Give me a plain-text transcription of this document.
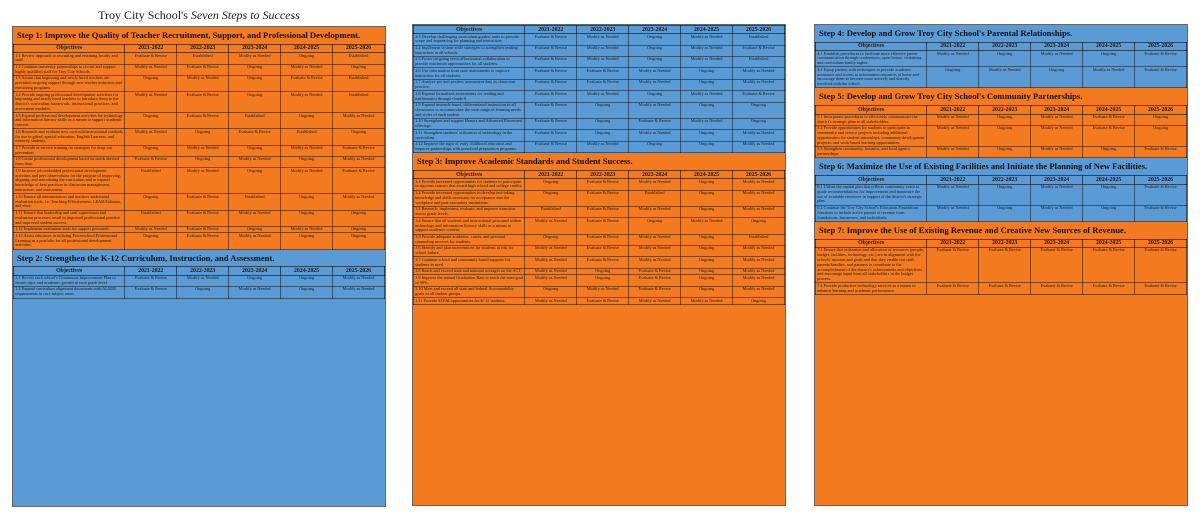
Troy City School's Seven Steps to Success
Step 1: Improve the Quality of Teacher Recruitment, Support, and Professional Development.
Objectives	2021-2022	2022-2023	2023-2024	2024-2025	2025-2026
1.1 Review approach to recruiting and retaining faculty and staff.	Evaluate & Revise	Established	Modify as Needed	Ongoing	Established
1.2 Continue university partnerships to recruit and support highly qualified staff for Troy City Schools.	Modify as Needed	Evaluate & Revise	Ongoing	Modify as Needed	Ongoing
1.3 Assure that beginning and newly hired teachers are provided on-going support through new teacher induction and mentoring programs.	Ongoing	Modify as Needed	Ongoing	Evaluate & Revise	Established
1.4 Provide ongoing professional development activities for beginning and newly hired teachers to introduce them to the district's curriculum framework, instructional practices, and assessment modules.	Modify as Needed	Evaluate & Revise	Ongoing	Modify as Needed	Established
1.5 Expand professional development activities for technology and information literacy skills as a means to support academic content.	Ongoing	Evaluate & Revise	Established	Ongoing	Modify as Needed
1.6 Research and evaluate new curricula/instructional methods for use in gifted, special education, English Learners, and minority students.	Modify as Needed	Ongoing	Evaluate & Revise	Established	Ongoing
1.7 Provide in-service training on strategies for drop-out prevention.	Ongoing	Modify as Needed	Ongoing	Modify as Needed	Evaluate & Revise
1.8 Create professional development based on needs derived from data.	Evaluate & Revise	Ongoing	Modify as Needed	Ongoing	Modify as Needed
1.9 Increase job embedded professional development activities and peer observations for the purpose of improving, aligning, and articulating the curriculum and to expand knowledge of best practices in classroom management, instruction, and assessment.	Established	Modify as Needed	Ongoing	Modify as Needed	Evaluate & Revise
1.10 Ensure all administrators and teachers understand evaluation tools, i.e. Teaching Effectiveness, LEADAlabama, and elect.	Ongoing	Evaluate & Revise	Established	Ongoing	Modify as Needed
1.11 Ensure that leadership and staff supervision and evaluation processes result in improved professional practice and improved student success.	Established	Evaluate & Revise	Modify as Needed	Ongoing	Ongoing
1.12 Implement evaluation tools for support personnel.	Modify as Needed	Evaluate & Revise	Ongoing	Modify as Needed	Ongoing
1.13 Assist educators in utilizing Powerschool Professional Learning as a portfolio for all professional development activities.	Ongoing	Evaluate & Revise	Modify as Needed	Ongoing	Ongoing
Step 2: Strengthen the K-12 Curriculum, Instruction, and Assessment.
Objectives	2021-2022	2022-2023	2023-2024	2024-2025	2025-2026
2.1 Revisit each school's Continuous Improvement Plan to ensure rigor and academic growth at each grade level.	Evaluate & Revise	Modify as Needed	Ongoing	Ongoing	Modify as Needed
2.2 Expand curriculum alignment documents with ALSDE requirements in core subject areas.	Evaluate & Revise	Ongoing	Modify as Needed	Ongoing	Modify as Needed
Objectives	2021-2022	2022-2023	2023-2024	2024-2025	2025-2026
2.3 Develop challenging curriculum guides/ units to provide scope and sequencing for planning and instruction.	Evaluate & Revise	Modify as Needed	Ongoing	Modify as Needed	Established
2.4 Implement system-wide strategies to strengthen reading instruction in all schools.	Evaluate & Revise	Modify as Needed	Ongoing	Modify as Needed	Evaluate & Revise
2.5 Foster on-going vertical/horizontal collaboration to provide maximum opportunities for all students.	Evaluate & Revise	Modify as Needed	Ongoing	Modify as Needed	Established
2.6 Use information from state assessments to improve instruction for all students.	Evaluate & Revise	Evaluate & Revise	Modify as Needed	Ongoing	Modify as Needed
2.7 Analyze pre and posttest assessment data as classroom practice.	Evaluate & Revise	Evaluate & Revise	Modify as Needed	Ongoing	Modify as Needed
2.8 Expand formalized assessments for reading and mathematics through Grade 8.	Evaluate & Revise	Modify as Needed	Ongoing	Modify as Needed	Evaluate & Revise
2.9 Expand research-based, differentiated instruction in all classrooms to accommodate the wide range of learning needs and styles of each student.	Evaluate & Revise	Ongoing	Modify as Needed	Ongoing	Ongoing
2.10 Strengthen and support Honors and Advanced Placement offerings.	Evaluate & Revise	Ongoing	Evaluate & Revise	Modify as Needed	Ongoing
2.11 Strengthen students' utilization of technology in the curriculum.	Evaluate & Revise	Ongoing	Modify as Needed	Ongoing	Modify as Needed
2.12 Improve the rigor of early childhood education and improve partnerships with preschool preparation programs.	Evaluate & Revise	Modify as Needed	Ongoing	Ongoing	Modify as Needed
Step 3: Improve Academic Standards and Student Success.
Objectives	2021-2022	2022-2023	2023-2024	2024-2025	2025-2026
3.1 Provide increased opportunities for students to participate in rigorous courses that award high school and college credits.	Ongoing	Evaluate & Revise	Modify as Needed	Ongoing	Modify as Needed
3.2 Provide increased opportunities to develop test-taking knowledge and skills necessary for acceptance into the workplace and post-secondary institutions.	Ongoing	Evaluate & Revise	Established	Ongoing	Modify as Needed
3.3 Research, implement, evaluate, and improve transition across grade levels.	Established	Evaluate & Revise	Modify as Needed	Ongoing	Modify as Needed
3.4 Ensure that all students and instructional personnel utilize technology and information literacy skills as a means to support academic content.	Modify as Needed	Evaluate & Revise	Ongoing	Modify as Needed	Ongoing
3.5 Provide adequate academic, career, and personal counseling services for students.	Ongoing	Evaluate & Revise	Modify as Needed	Ongoing	Established
3.6 Identify and plan interventions for students at risk for school failure.	Modify as Needed	Evaluate & Revise	Modify as Needed	Ongoing	Modify as Needed
3.7 Continue school and community based supports for students in need.	Modify as Needed	Evaluate & Revise	Modify as Needed	Ongoing	Modify as Needed
3.8 Reach and exceed state and national averages on the ACT.	Modify as Needed	Ongoing	Evaluate & Revise	Ongoing	Modify as Needed
3.9 Improve the annual Graduation Rate to reach the state goal of 90%.	Modify as Needed	Ongoing	Evaluate & Revise	Ongoing	Modify as Needed
3.10 Meet and exceed all state and federal Accountability goals in all student groups.	Ongoing	Modify as Needed	Evaluate & Revise	Ongoing	Modify as Needed
3.11 Provide STEM opportunities for K-12 students.	Modify as Needed	Evaluate & Revise	Modify as Needed	Modify as Needed	Ongoing
Step 4: Develop and Grow Troy City School's Parental Relationships.
Objectives	2021-2022	2022-2023	2023-2024	2024-2025	2025-2026
4.1 Establish procedures to facilitate more effective parent communication through conferences, open house, visitations, and curriculum/family nights.	Modify as Needed	Ongoing	Modify as Needed	Ongoing	Evaluate & Revise
4.2 Equip parents with techniques to provide academic assistance and access to information resources at home and encourage them to become more actively and directly involved with the school.	Ongoing	Modify as Needed	Ongoing	Modify as Needed	Evaluate & Revise
Step 5: Develop and Grow Troy City School's Community Partnerships.
Objectives	2021-2022	2022-2023	2023-2024	2024-2025	2025-2026
5.1 Incorporate procedures to effectively communicate the district's strategic plan to all stakeholders.	Modify as Needed	Ongoing	Modify as Needed	Evaluate & Revise	Ongoing
5.2 Provide opportunities for students to participate in community and service projects including additional opportunities for student internships, community development projects, and work-based learning opportunities.	Modify as Needed	Ongoing	Modify as Needed	Evaluate & Revise	Ongoing
5.3 Strengthen community, business, and local agency partnerships.	Modify as Needed	Ongoing	Modify as Needed	Ongoing	Evaluate & Revise
Step 6: Maximize the Use of Existing Facilities and Initiate the Planning of New Facilities.
Objectives	2021-2022	2022-2023	2023-2024	2024-2025	2025-2026
6.1 Utilize the capital plan that reflects community voice to guide recommendations for improvement and maximize the use of available resources in support of the district's strategic plan.	Modify as Needed	Ongoing	Modify as Needed	Ongoing	Evaluate & Revise
6.2 Continue the Troy City School's Education Foundation functions to include active pursuit of revenue from foundations, businesses, and individuals.	Modify as Needed	Ongoing	Modify as Needed	Ongoing	Evaluate & Revise
Step 7: Improve the Use of Existing Revenue and Creative New Sources of Revenue.
Objectives	2021-2022	2022-2023	2023-2024	2024-2025	2025-2026
7.1 Ensure that utilization and allocation of resources (people, budget, facilities, technology, etc.) are in alignment with the schools' mission and goals and that they enable our staff, parents/families, and partners to contribute to the accomplishment of the district's achievements and objectives and encourage input from all stakeholders in the budget process.	Evaluate & Revise	Evaluate & Revise	Evaluate & Revise	Evaluate & Revise	Evaluate & Revise
7.2 Provide productive technology services as a means to enhance learning and academic performance.	Evaluate & Revise	Evaluate & Revise	Evaluate & Revise	Evaluate & Revise	Evaluate & Revise
